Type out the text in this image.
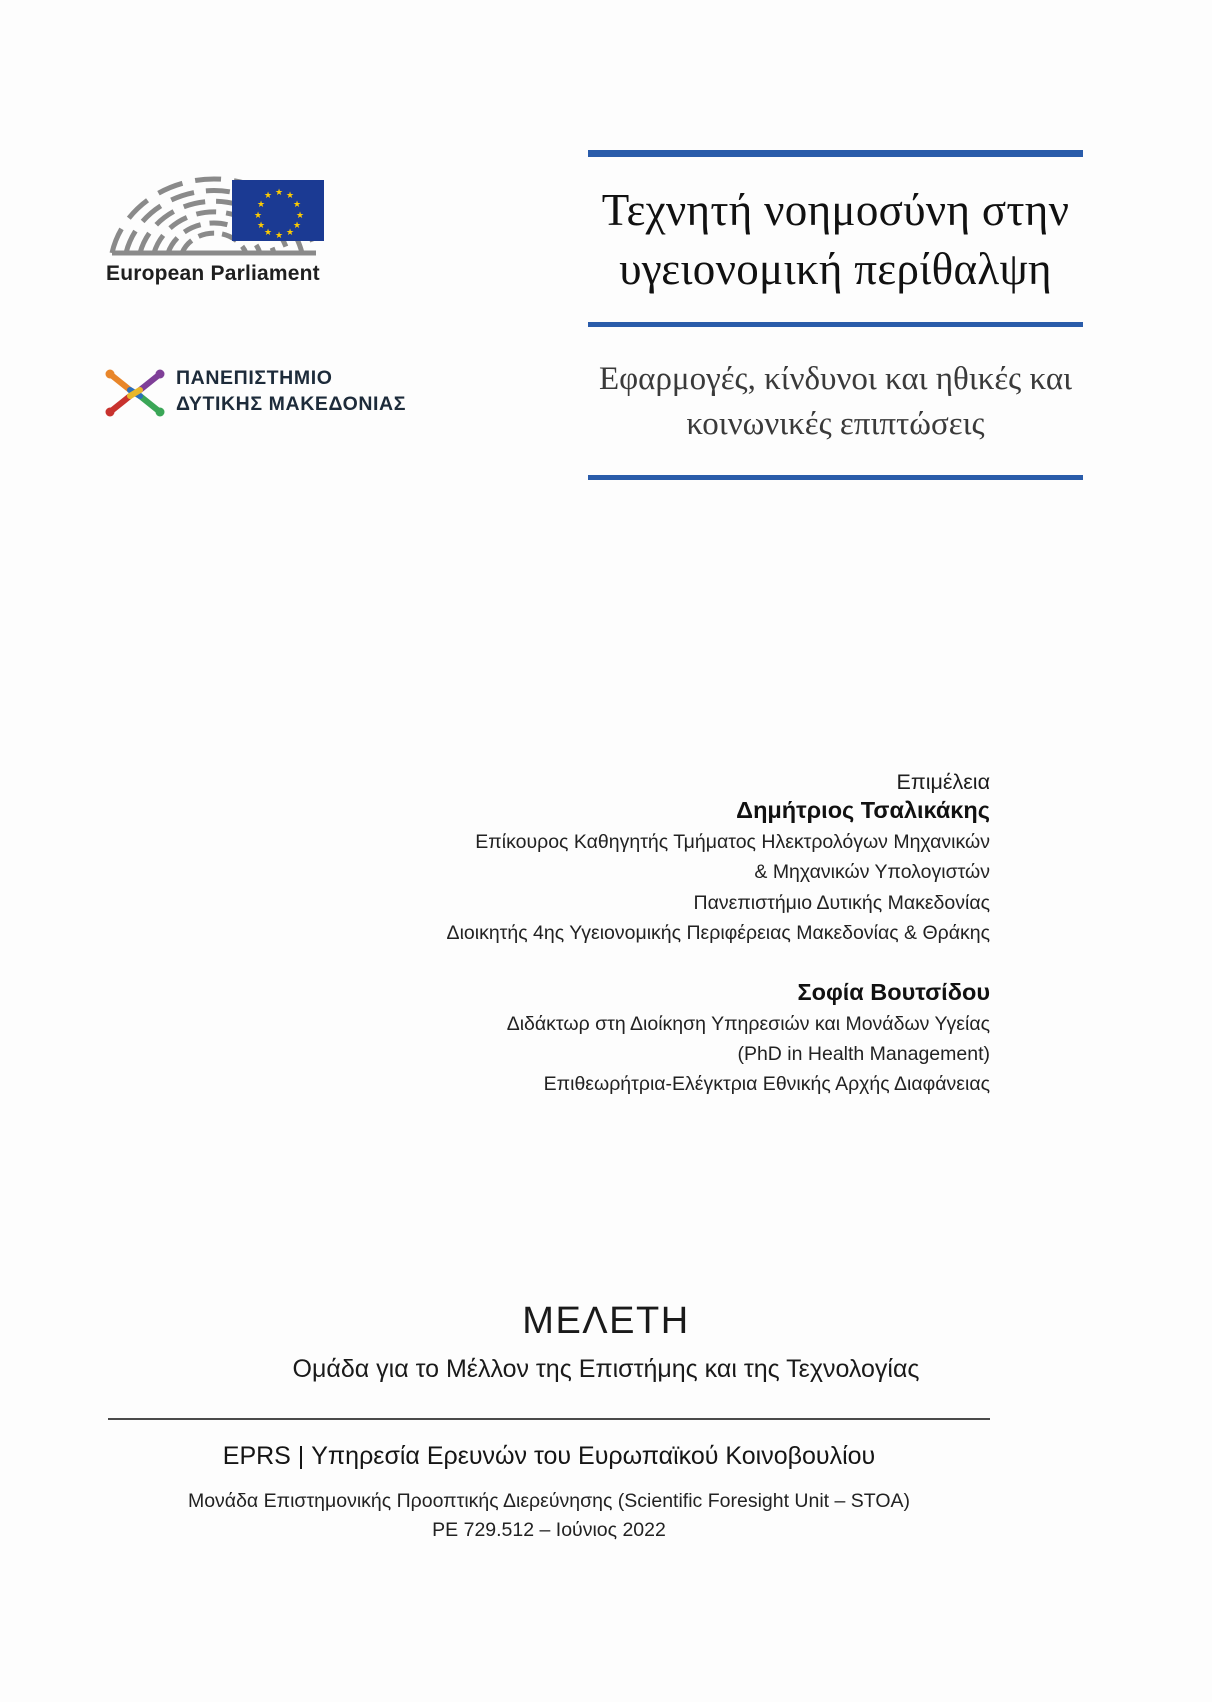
★ ★
★
★
★
★
★
★
★
★
★
★
European Parliament
ΠΑΝΕΠΙΣΤΗΜΙΟ
ΔΥΤΙΚΗΣ ΜΑΚΕΔΟΝΙΑΣ
Τεχνητή νοημοσύνη στην υγειονομική περίθαλψη
Εφαρμογές, κίνδυνοι και ηθικές και κοινωνικές επιπτώσεις
Επιμέλεια
Δημήτριος Τσαλικάκης
Επίκουρος Καθηγητής Τμήματος Ηλεκτρολόγων Μηχανικών
& Μηχανικών Υπολογιστών
Πανεπιστήμιο Δυτικής Μακεδονίας
Διοικητής 4ης Υγειονομικής Περιφέρειας Μακεδονίας & Θράκης
Σοφία Βουτσίδου
Διδάκτωρ στη Διοίκηση Υπηρεσιών και Μονάδων Υγείας
(PhD in Health Management)
Επιθεωρήτρια-Ελέγκτρια Εθνικής Αρχής Διαφάνειας
ΜΕΛΕΤΗ
Ομάδα για το Μέλλον της Επιστήμης και της Τεχνολογίας
EPRS | Υπηρεσία Ερευνών του Ευρωπαϊκού Κοινοβουλίου
Μονάδα Επιστημονικής Προοπτικής Διερεύνησης (Scientific Foresight Unit – STOA)
PE 729.512 – Ιούνιος 2022
